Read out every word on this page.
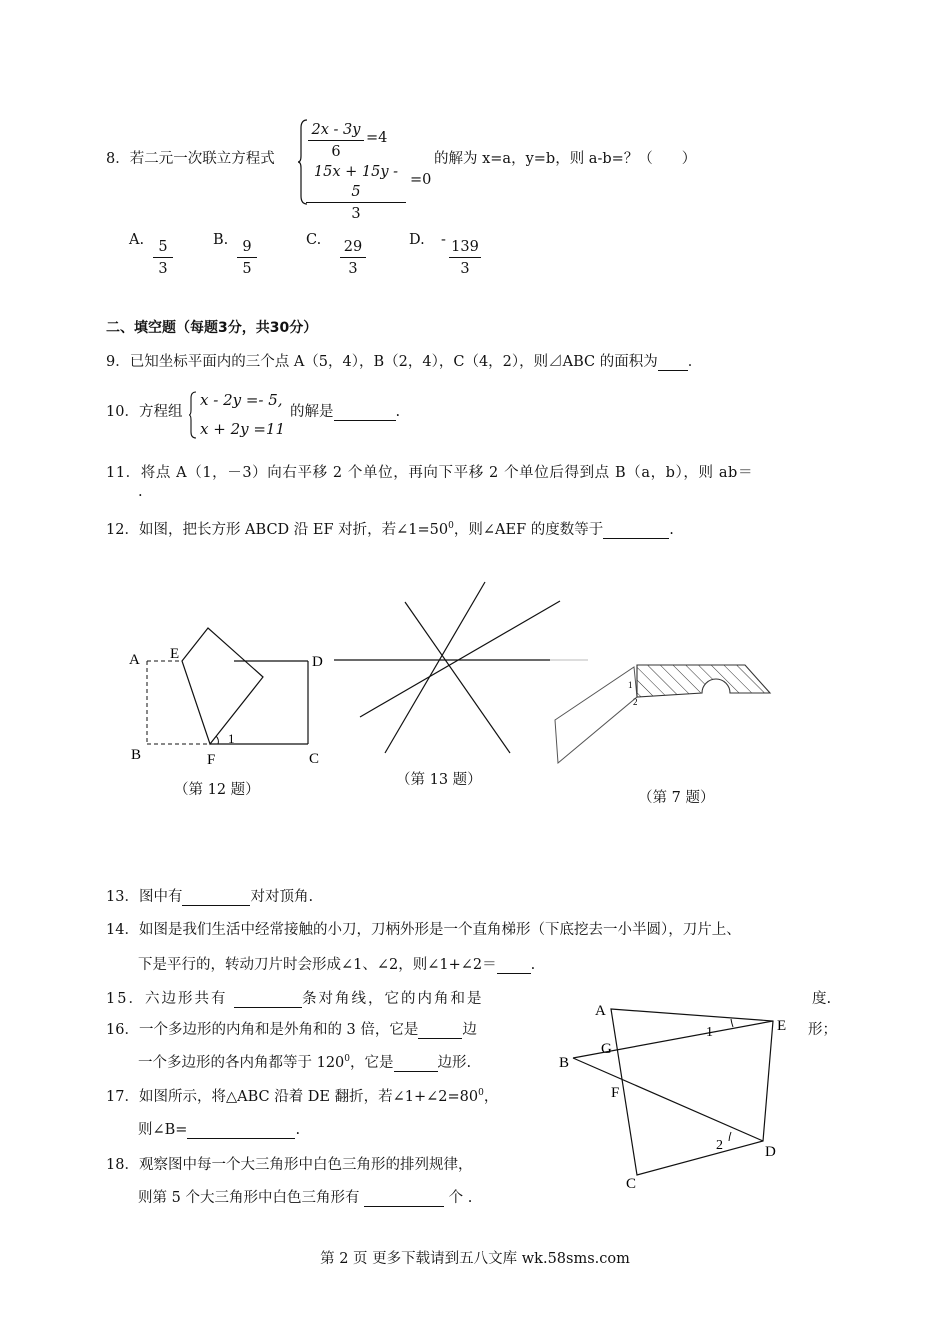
8．若二元一次联立方程式 $\frac{2x - 3y}{6} =4$
$\frac{15x + 15y - 5}{3} =0$
的解为 x=a，y=b，则 a-b=？（　　）
A. $\frac{5}{3}$	B. $\frac{9}{5}$	C. $\frac{29}{3}$	D. - $\frac{139}{3}$
二、填空题（每题3分，共30分）
9．已知坐标平面内的三个点 A（5，4），B（2，4），C（4，2），则⊿ABC 的面积为 ．
10．方程组
x - 2y =- 5,
x + 2y =11
的解是	.
11．将点 A（1，－3）向右平移 2 个单位，再向下平移 2 个单位后得到点 B（a，b），则 ab＝
.
12．如图，把长方形 ABCD 沿 EF 对折，若$\angle 1=50^0$，则∠AEF 的度数等于	.
A E	D
B	F	C
1
（第 12 题）
（第 13 题）
1
2
（第 7 题）
13．图中有	对对顶角.
14．如图是我们生活中经常接触的小刀，刀柄外形是一个直角梯形（下底挖去一小半圆），刀片上、
下是平行的，转动刀片时会形成∠1、∠2，则∠1+∠2＝ .
15．六边形共有	条对角线，它的内角和是	度.
16．一个多边形的内角和是外角和的 3 倍，它是	边	形；
一个多边形的各内角都等于 $120^0$，它是	边形.
17．如图所示，将△ABC 沿着 DE 翻折，若$\angle 1+\angle 2=80^0$，
则∠B=	.
18．观察图中每一个大三角形中白色三角形的排列规律，
则第 5 个大三角形中白色三角形有	个 .
A
E
B
G
F
D
C
1
2
第 2 页 更多下载请到五八文库 wk.58sms.com
